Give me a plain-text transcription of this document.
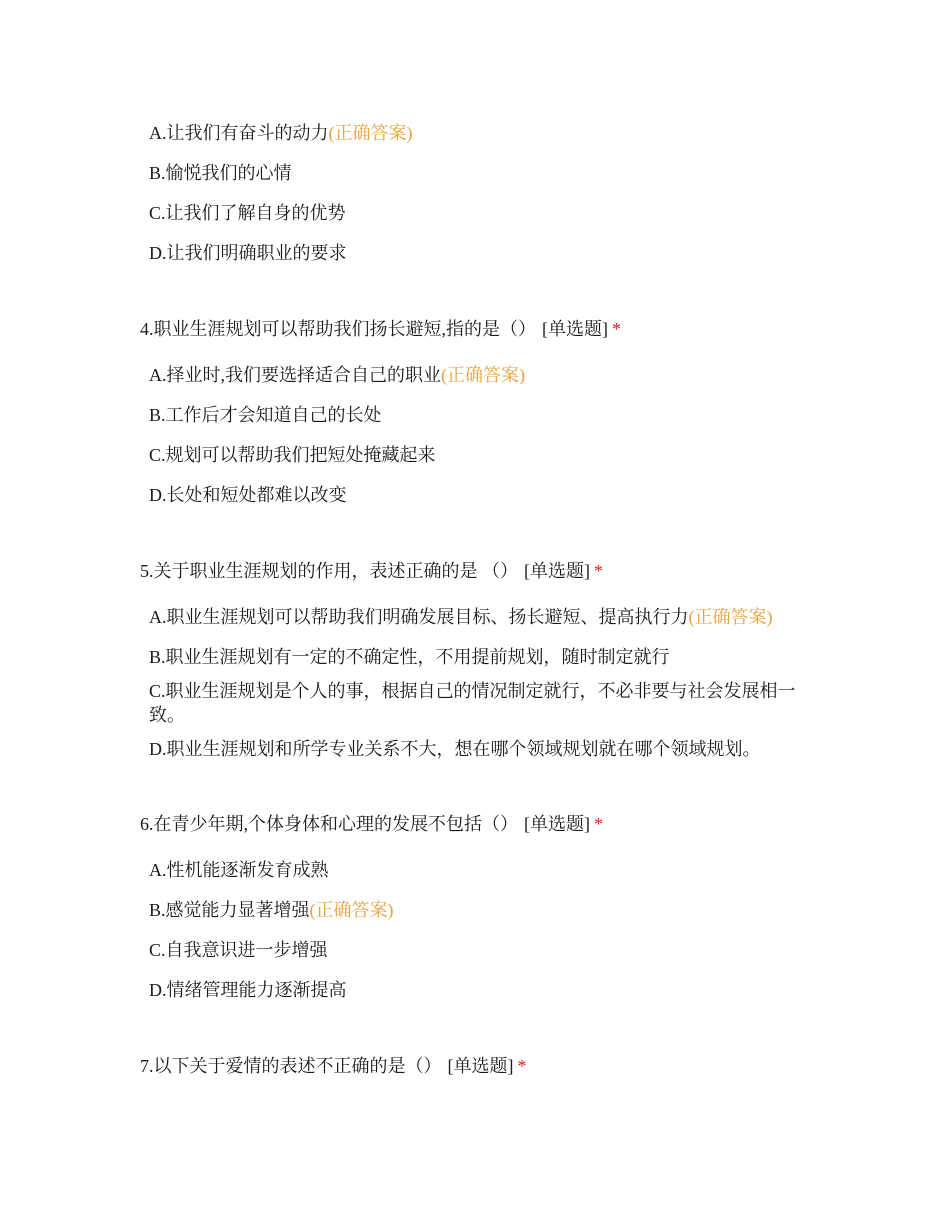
A.让我们有奋斗的动力(正确答案)
B.愉悦我们的心情
C.让我们了解自身的优势
D.让我们明确职业的要求
4.职业生涯规划可以帮助我们扬长避短,指的是（） [单选题] *
A.择业时,我们要选择适合自己的职业(正确答案)
B.工作后才会知道自己的长处
C.规划可以帮助我们把短处掩藏起来
D.长处和短处都难以改变
5.关于职业生涯规划的作用，表述正确的是 （） [单选题] *
A.职业生涯规划可以帮助我们明确发展目标、扬长避短、提高执行力(正确答案)
B.职业生涯规划有一定的不确定性，不用提前规划，随时制定就行
C.职业生涯规划是个人的事，根据自己的情况制定就行，不必非要与社会发展相一致。
D.职业生涯规划和所学专业关系不大，想在哪个领域规划就在哪个领域规划。
6.在青少年期,个体身体和心理的发展不包括（） [单选题] *
A.性机能逐渐发育成熟
B.感觉能力显著增强(正确答案)
C.自我意识进一步增强
D.情绪管理能力逐渐提高
7.以下关于爱情的表述不正确的是（） [单选题] *
